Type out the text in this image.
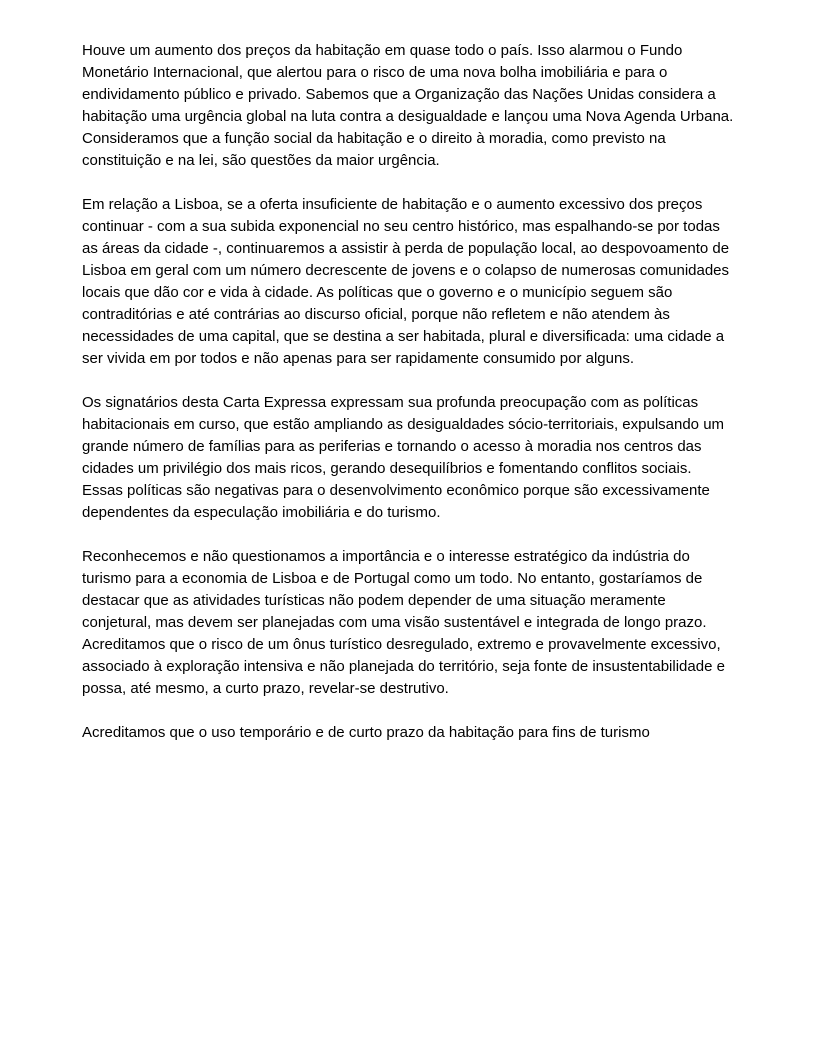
Houve um aumento dos preços da habitação em quase todo o país. Isso alarmou o Fundo Monetário Internacional, que alertou para o risco de uma nova bolha imobiliária e para o endividamento público e privado. Sabemos que a Organização das Nações Unidas considera a habitação uma urgência global na luta contra a desigualdade e lançou uma Nova Agenda Urbana. Consideramos que a função social da habitação e o direito à moradia, como previsto na constituição e na lei, são questões da maior urgência.

Em relação a Lisboa, se a oferta insuficiente de habitação e o aumento excessivo dos preços continuar - com a sua subida exponencial no seu centro histórico, mas espalhando-se por todas as áreas da cidade -, continuaremos a assistir à perda de população local, ao despovoamento de Lisboa em geral com um número decrescente de jovens e o colapso de numerosas comunidades locais que dão cor e vida à cidade. As políticas que o governo e o município seguem são contraditórias e até contrárias ao discurso oficial, porque não refletem e não atendem às necessidades de uma capital, que se destina a ser habitada, plural e diversificada: uma cidade a ser vivida em por todos e não apenas para ser rapidamente consumido por alguns.

Os signatários desta Carta Expressa expressam sua profunda preocupação com as políticas habitacionais em curso, que estão ampliando as desigualdades sócio-territoriais, expulsando um grande número de famílias para as periferias e tornando o acesso à moradia nos centros das cidades um privilégio dos mais ricos, gerando desequilíbrios e fomentando conflitos sociais. Essas políticas são negativas para o desenvolvimento econômico porque são excessivamente dependentes da especulação imobiliária e do turismo.

Reconhecemos e não questionamos a importância e o interesse estratégico da indústria do turismo para a economia de Lisboa e de Portugal como um todo. No entanto, gostaríamos de destacar que as atividades turísticas não podem depender de uma situação meramente conjetural, mas devem ser planejadas com uma visão sustentável e integrada de longo prazo. Acreditamos que o risco de um ônus turístico desregulado, extremo e provavelmente excessivo, associado à exploração intensiva e não planejada do território, seja fonte de insustentabilidade e possa, até mesmo, a curto prazo, revelar-se destrutivo.

Acreditamos que o uso temporário e de curto prazo da habitação para fins de turismo
